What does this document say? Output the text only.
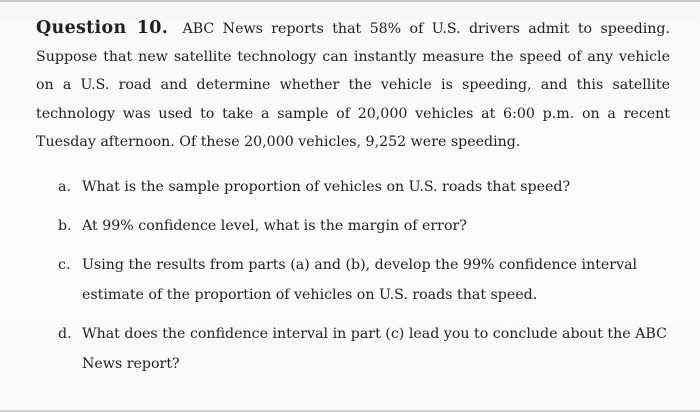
Question 10. ABC News reports that 58% of U.S. drivers admit to speeding. Suppose that new satellite technology can instantly measure the speed of any vehicle on a U.S. road and determine whether the vehicle is speeding, and this satellite technology was used to take a sample of 20,000 vehicles at 6:00 p.m. on a recent Tuesday afternoon. Of these 20,000 vehicles, 9,252 were speeding.
a. What is the sample proportion of vehicles on U.S. roads that speed?
b. At 99% confidence level, what is the margin of error?
c. Using the results from parts (a) and (b), develop the 99% confidence interval estimate of the proportion of vehicles on U.S. roads that speed.
d. What does the confidence interval in part (c) lead you to conclude about the ABC News report?
